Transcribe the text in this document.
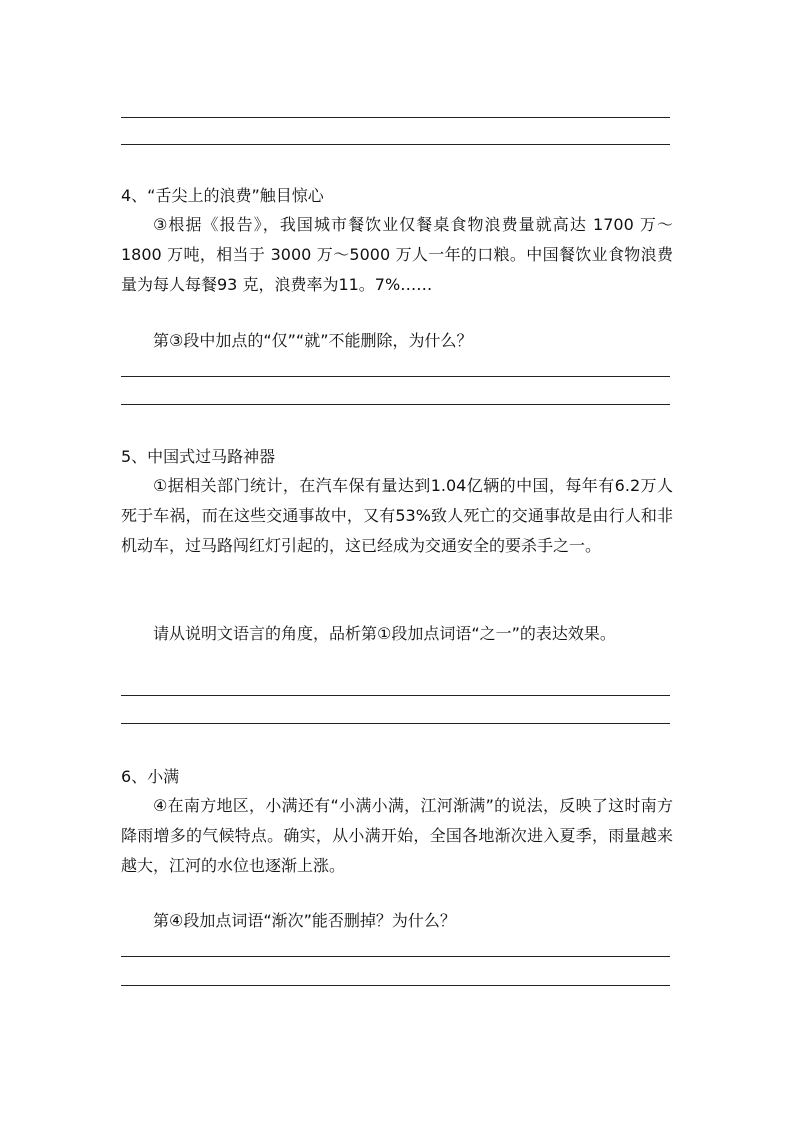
4、“舌尖上的浪费”触目惊心

③根据《报告》，我国城市餐饮业仅餐桌食物浪费量就高达 1700 万～1800 万吨，相当于 3000 万～5000 万人一年的口粮。中国餐饮业食物浪费量为每人每餐93 克，浪费率为11。7%……

第③段中加点的“仅”“就”不能删除，为什么？

5、中国式过马路神器

①据相关部门统计，在汽车保有量达到1.04亿辆的中国，每年有6.2万人死于车祸，而在这些交通事故中，又有53%致人死亡的交通事故是由行人和非机动车，过马路闯红灯引起的，这已经成为交通安全的要杀手之一。

请从说明文语言的角度，品析第①段加点词语“之一”的表达效果。

6、小满

④在南方地区，小满还有“小满小满，江河渐满”的说法，反映了这时南方降雨增多的气候特点。确实，从小满开始，全国各地渐次进入夏季，雨量越来越大，江河的水位也逐渐上涨。

第④段加点词语“渐次”能否删掉？为什么？
